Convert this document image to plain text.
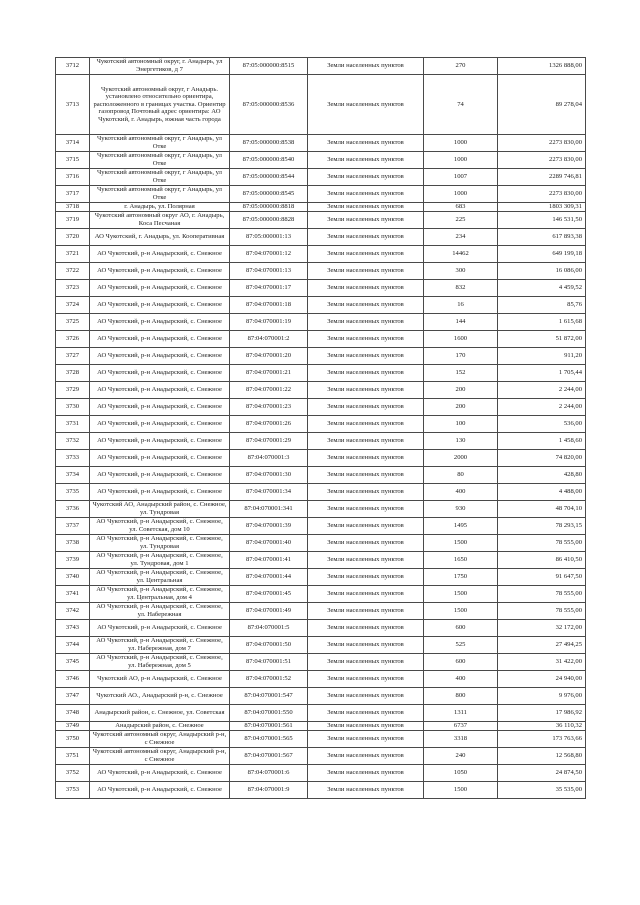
3712	Чукотский автономный округ, г. Анадырь, ул Энергетиков, д 7	87:05:000000:8515	Земли населенных пунктов	270	1326 888,00
3713	Чукотский автономный округ, г Анадырь. установлено относительно ориентира, расположенного в границах участка. Ориентир газопровод Почтовый адрес ориентира: АО Чукотский, г. Анадырь, южная часть города	87:05:000000:8536	Земли населенных пунктов	74	89 278,04
3714	Чукотский автономный округ, г Анадырь, ул Отке	87:05:000000:8538	Земли населенных пунктов	1000	2273 830,00
3715	Чукотский автономный округ, г Анадырь, ул Отке	87:05:000000:8540	Земли населенных пунктов	1000	2273 830,00
3716	Чукотский автономный округ, г Анадырь, ул Отке	87:05:000000:8544	Земли населенных пунктов	1007	2289 746,81
3717	Чукотский автономный округ, г Анадырь, ул Отке	87:05:000000:8545	Земли населенных пунктов	1000	2273 830,00
3718	г. Анадырь, ул. Полярная	87:05:000000:8818	Земли населенных пунктов	683	1803 309,31
3719	Чукотский автономный округ АО, г. Анадырь, Коса Песчаная	87:05:000000:8828	Земли населенных пунктов	225	146 531,50
3720	АО Чукотский, г. Анадырь, ул. Кооперативная	87:05:000001:13	Земли населенных пунктов	234	617 893,38
3721	АО Чукотский, р-н Анадырский, с. Снежное	87:04:070001:12	Земли населенных пунктов	14462	649 199,18
3722	АО Чукотский, р-н Анадырский, с. Снежное	87:04:070001:13	Земли населенных пунктов	300	16 086,00
3723	АО Чукотский, р-н Анадырский, с. Снежное	87:04:070001:17	Земли населенных пунктов	832	4 459,52
3724	АО Чукотский, р-н Анадырский, с. Снежное	87:04:070001:18	Земли населенных пунктов	16	85,76
3725	АО Чукотский, р-н Анадырский, с. Снежное	87:04:070001:19	Земли населенных пунктов	144	1 615,68
3726	АО Чукотский, р-н Анадырский, с. Снежное	87:04:070001:2	Земли населенных пунктов	1600	51 872,00
3727	АО Чукотский, р-н Анадырский, с. Снежное	87:04:070001:20	Земли населенных пунктов	170	911,20
3728	АО Чукотский, р-н Анадырский, с. Снежное	87:04:070001:21	Земли населенных пунктов	152	1 705,44
3729	АО Чукотский, р-н Анадырский, с. Снежное	87:04:070001:22	Земли населенных пунктов	200	2 244,00
3730	АО Чукотский, р-н Анадырский, с. Снежное	87:04:070001:23	Земли населенных пунктов	200	2 244,00
3731	АО Чукотский, р-н Анадырский, с. Снежное	87:04:070001:26	Земли населенных пунктов	100	536,00
3732	АО Чукотский, р-н Анадырский, с. Снежное	87:04:070001:29	Земли населенных пунктов	130	1 458,60
3733	АО Чукотский, р-н Анадырский, с. Снежное	87:04:070001:3	Земли населенных пунктов	2000	74 820,00
3734	АО Чукотский, р-н Анадырский, с. Снежное	87:04:070001:30	Земли населенных пунктов	80	428,80
3735	АО Чукотский, р-н Анадырский, с. Снежное	87:04:070001:34	Земли населенных пунктов	400	4 488,00
3736	Чукотский АО, Анадырский район, с. Снежное, ул. Тундровая	87:04:070001:341	Земли населенных пунктов	930	48 704,10
3737	АО Чукотский, р-н Анадырский, с. Снежное, ул. Советская, дом 10	87:04:070001:39	Земли населенных пунктов	1495	78 293,15
3738	АО Чукотский, р-н Анадырский, с. Снежное, ул. Тундровая	87:04:070001:40	Земли населенных пунктов	1500	78 555,00
3739	АО Чукотский, р-н Анадырский, с. Снежное, ул. Тундровая, дом 1	87:04:070001:41	Земли населенных пунктов	1650	86 410,50
3740	АО Чукотский, р-н Анадырский, с. Снежное, ул. Центральная	87:04:070001:44	Земли населенных пунктов	1750	91 647,50
3741	АО Чукотский, р-н Анадырский, с. Снежное, ул. Центральная, дом 4	87:04:070001:45	Земли населенных пунктов	1500	78 555,00
3742	АО Чукотский, р-н Анадырский, с. Снежное, ул. Набережная	87:04:070001:49	Земли населенных пунктов	1500	78 555,00
3743	АО Чукотский, р-н Анадырский, с. Снежное	87:04:070001:5	Земли населенных пунктов	600	32 172,00
3744	АО Чукотский, р-н Анадырский, с. Снежное, ул. Набережная, дом 7	87:04:070001:50	Земли населенных пунктов	525	27 494,25
3745	АО Чукотский, р-н Анадырский, с. Снежное, ул. Набережная, дом 5	87:04:070001:51	Земли населенных пунктов	600	31 422,00
3746	Чукотский АО, р-н Анадырский, с. Снежное	87:04:070001:52	Земли населенных пунктов	400	24 940,00
3747	Чукотский АО., Анадырский р-н, с. Снежное	87:04:070001:547	Земли населенных пунктов	800	9 976,00
3748	Анадырский район, с. Снежное, ул. Советская	87:04:070001:550	Земли населенных пунктов	1311	17 986,92
3749	Анадырский район, с. Снежное	87:04:070001:561	Земли населенных пунктов	6737	36 110,32
3750	Чукотский автономный округ, Анадырский р-н, с Снежное	87:04:070001:565	Земли населенных пунктов	3318	173 763,66
3751	Чукотский автономный округ, Анадырский р-н, с Снежное	87:04:070001:567	Земли населенных пунктов	240	12 568,80
3752	АО Чукотский, р-н Анадырский, с. Снежное	87:04:070001:6	Земли населенных пунктов	1050	24 874,50
3753	АО Чукотский, р-н Анадырский, с. Снежное	87:04:070001:9	Земли населенных пунктов	1500	35 535,00
